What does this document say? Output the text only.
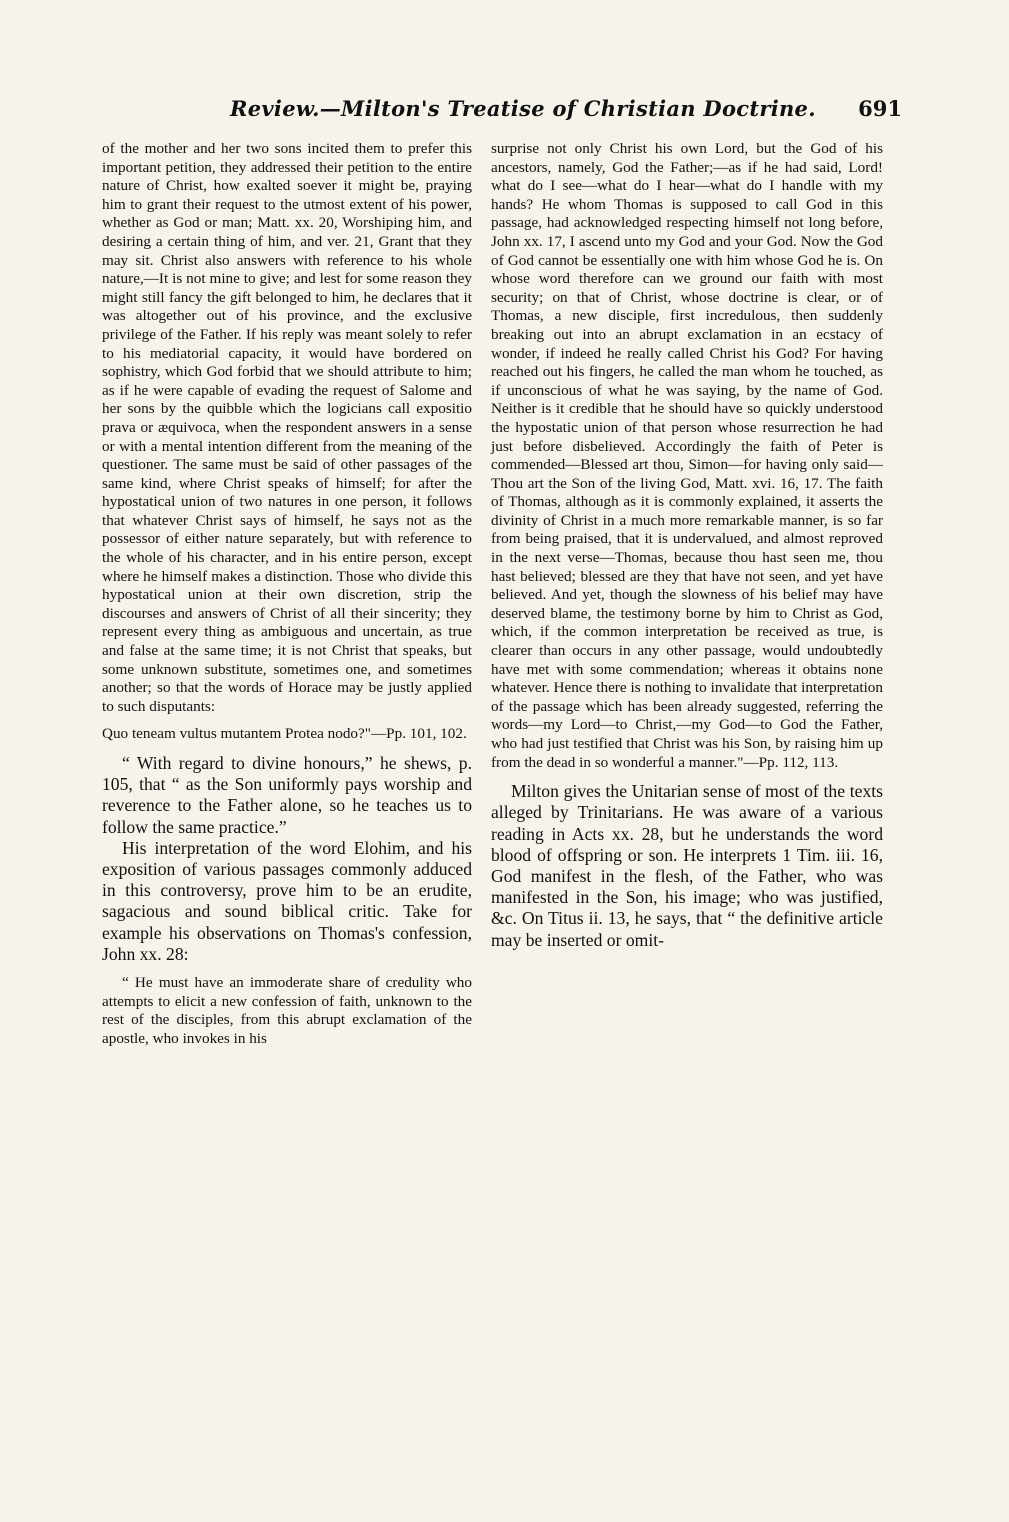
Review.—Milton's Treatise of Christian Doctrine. 691

of the mother and her two sons incited them to prefer this important petition, they addressed their petition to the entire nature of Christ, how exalted soever it might be, praying him to grant their request to the utmost extent of his power, whether as God or man; Matt. xx. 20, Worshiping him, and desiring a certain thing of him, and ver. 21, Grant that they may sit. Christ also answers with reference to his whole nature,—It is not mine to give; and lest for some reason they might still fancy the gift belonged to him, he declares that it was altogether out of his province, and the exclusive privilege of the Father. If his reply was meant solely to refer to his mediatorial capacity, it would have bordered on sophistry, which God forbid that we should attribute to him; as if he were capable of evading the request of Salome and her sons by the quibble which the logicians call expositio prava or æquivoca, when the respondent answers in a sense or with a mental intention different from the meaning of the questioner. The same must be said of other passages of the same kind, where Christ speaks of himself; for after the hypostatical union of two natures in one person, it follows that whatever Christ says of himself, he says not as the possessor of either nature separately, but with reference to the whole of his character, and in his entire person, except where he himself makes a distinction. Those who divide this hypostatical union at their own discretion, strip the discourses and answers of Christ of all their sincerity; they represent every thing as ambiguous and uncertain, as true and false at the same time; it is not Christ that speaks, but some unknown substitute, sometimes one, and sometimes another; so that the words of Horace may be justly applied to such disputants:

Quo teneam vultus mutantem Protea nodo?"—Pp. 101, 102.

“ With regard to divine honours,” he shews, p. 105, that “ as the Son uniformly pays worship and reverence to the Father alone, so he teaches us to follow the same practice.”

His interpretation of the word Elohim, and his exposition of various passages commonly adduced in this controversy, prove him to be an erudite, sagacious and sound biblical critic. Take for example his observations on Thomas's confession, John xx. 28:

“ He must have an immoderate share of credulity who attempts to elicit a new confession of faith, unknown to the rest of the disciples, from this abrupt exclamation of the apostle, who invokes in his

surprise not only Christ his own Lord, but the God of his ancestors, namely, God the Father;—as if he had said, Lord! what do I see—what do I hear—what do I handle with my hands? He whom Thomas is supposed to call God in this passage, had acknowledged respecting himself not long before, John xx. 17, I ascend unto my God and your God. Now the God of God cannot be essentially one with him whose God he is. On whose word therefore can we ground our faith with most security; on that of Christ, whose doctrine is clear, or of Thomas, a new disciple, first incredulous, then suddenly breaking out into an abrupt exclamation in an ecstacy of wonder, if indeed he really called Christ his God? For having reached out his fingers, he called the man whom he touched, as if unconscious of what he was saying, by the name of God. Neither is it credible that he should have so quickly understood the hypostatic union of that person whose resurrection he had just before disbelieved. Accordingly the faith of Peter is commended—Blessed art thou, Simon—for having only said—Thou art the Son of the living God, Matt. xvi. 16, 17. The faith of Thomas, although as it is commonly explained, it asserts the divinity of Christ in a much more remarkable manner, is so far from being praised, that it is undervalued, and almost reproved in the next verse—Thomas, because thou hast seen me, thou hast believed; blessed are they that have not seen, and yet have believed. And yet, though the slowness of his belief may have deserved blame, the testimony borne by him to Christ as God, which, if the common interpretation be received as true, is clearer than occurs in any other passage, would undoubtedly have met with some commendation; whereas it obtains none whatever. Hence there is nothing to invalidate that interpretation of the passage which has been already suggested, referring the words—my Lord—to Christ,—my God—to God the Father, who had just testified that Christ was his Son, by raising him up from the dead in so wonderful a manner."—Pp. 112, 113.

Milton gives the Unitarian sense of most of the texts alleged by Trinitarians. He was aware of a various reading in Acts xx. 28, but he understands the word blood of offspring or son. He interprets 1 Tim. iii. 16, God manifest in the flesh, of the Father, who was manifested in the Son, his image; who was justified, &c. On Titus ii. 13, he says, that “ the definitive article may be inserted or omit-
